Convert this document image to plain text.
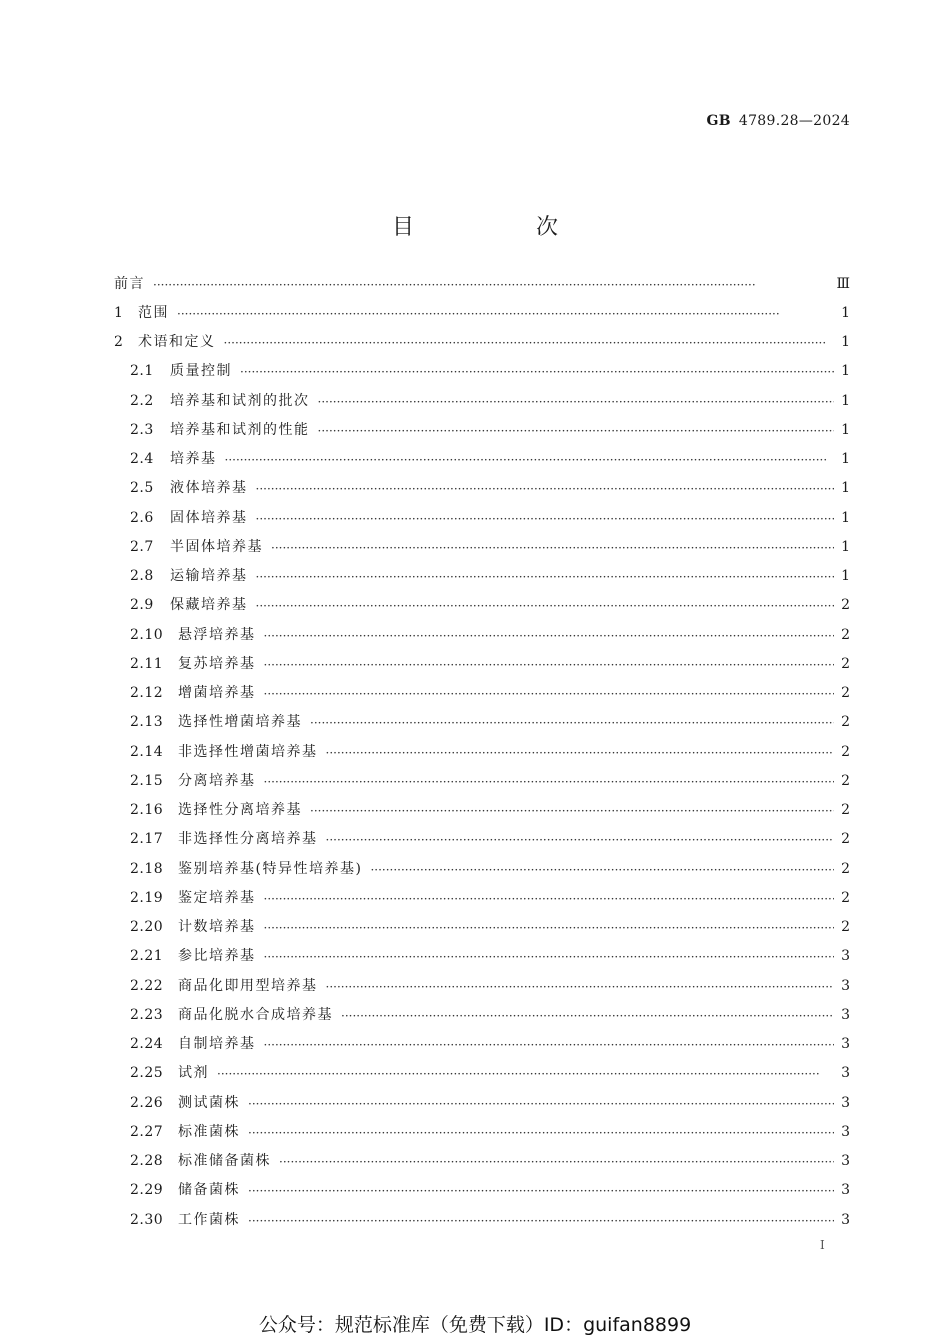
GB 4789.28—2024
目　次
前言 ·····	Ⅲ
1	范围 ·····	1
2	术语和定义 ·····	1
2.1	质量控制 ·····	1
2.2	培养基和试剂的批次 ·····	1
2.3	培养基和试剂的性能 ·····	1
2.4	培养基 ·····	1
2.5	液体培养基 ·····	1
2.6	固体培养基 ·····	1
2.7	半固体培养基 ·····	1
2.8	运输培养基 ·····	1
2.9	保藏培养基 ·····	2
2.10	悬浮培养基 ·····	2
2.11	复苏培养基 ·····	2
2.12	增菌培养基 ·····	2
2.13	选择性增菌培养基 ·····	2
2.14	非选择性增菌培养基 ·····	2
2.15	分离培养基 ·····	2
2.16	选择性分离培养基 ·····	2
2.17	非选择性分离培养基 ·····	2
2.18	鉴别培养基(特异性培养基) ·····	2
2.19	鉴定培养基 ·····	2
2.20	计数培养基 ·····	2
2.21	参比培养基 ·····	3
2.22	商品化即用型培养基 ·····	3
2.23	商品化脱水合成培养基 ·····	3
2.24	自制培养基 ·····	3
2.25	试剂 ·····	3
2.26	测试菌株 ·····	3
2.27	标准菌株 ·····	3
2.28	标准储备菌株 ·····	3
2.29	储备菌株 ·····	3
2.30	工作菌株 ·····	3
I
公众号：规范标准库（免费下载）ID：guifan8899
